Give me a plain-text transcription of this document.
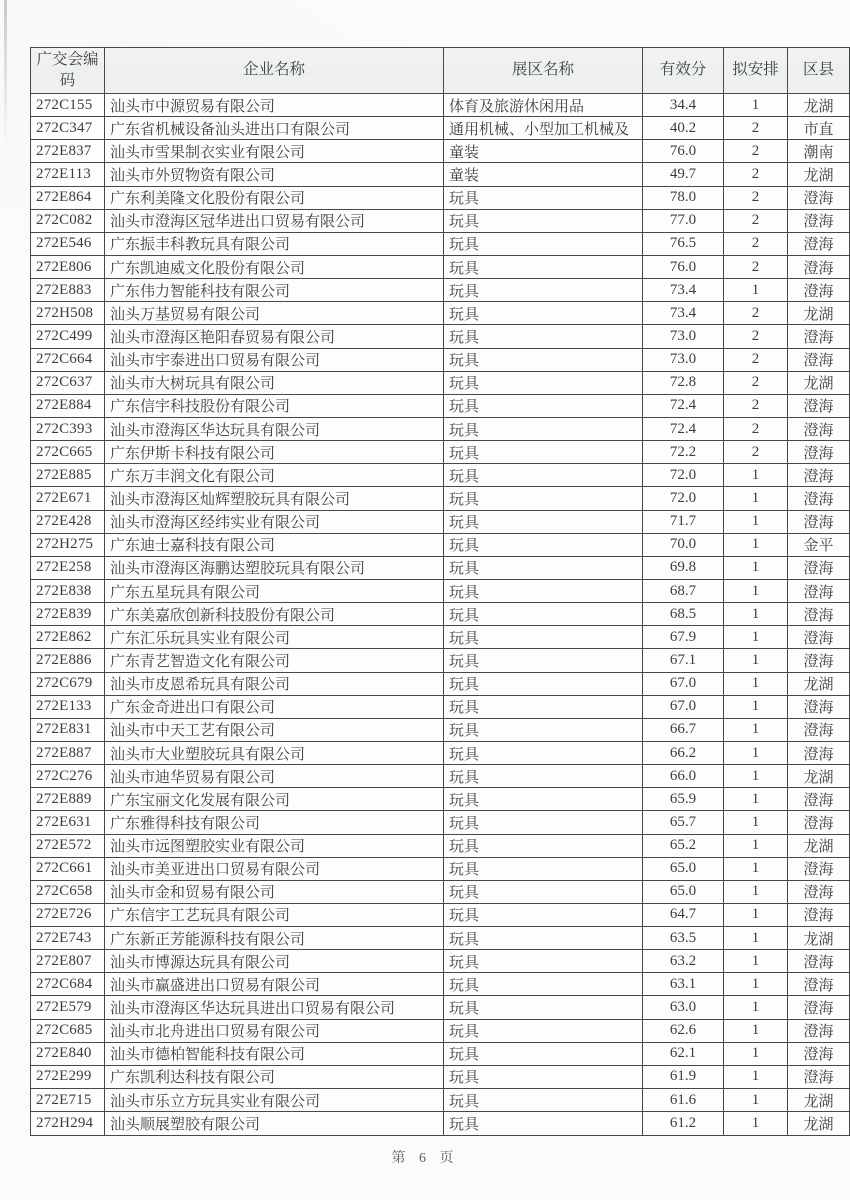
广交会编码	企业名称	展区名称	有效分	拟安排	区县
272C155	汕头市中源贸易有限公司	体育及旅游休闲用品	34.4	1	龙湖
272C347	广东省机械设备汕头进出口有限公司	通用机械、小型加工机械及	40.2	2	市直
272E837	汕头市雪果制衣实业有限公司	童装	76.0	2	潮南
272E113	汕头市外贸物资有限公司	童装	49.7	2	龙湖
272E864	广东利美隆文化股份有限公司	玩具	78.0	2	澄海
272C082	汕头市澄海区冠华进出口贸易有限公司	玩具	77.0	2	澄海
272E546	广东振丰科教玩具有限公司	玩具	76.5	2	澄海
272E806	广东凯迪威文化股份有限公司	玩具	76.0	2	澄海
272E883	广东伟力智能科技有限公司	玩具	73.4	1	澄海
272H508	汕头万基贸易有限公司	玩具	73.4	2	龙湖
272C499	汕头市澄海区艳阳春贸易有限公司	玩具	73.0	2	澄海
272C664	汕头市宇泰进出口贸易有限公司	玩具	73.0	2	澄海
272C637	汕头市大树玩具有限公司	玩具	72.8	2	龙湖
272E884	广东信宇科技股份有限公司	玩具	72.4	2	澄海
272C393	汕头市澄海区华达玩具有限公司	玩具	72.4	2	澄海
272C665	广东伊斯卡科技有限公司	玩具	72.2	2	澄海
272E885	广东万丰润文化有限公司	玩具	72.0	1	澄海
272E671	汕头市澄海区灿辉塑胶玩具有限公司	玩具	72.0	1	澄海
272E428	汕头市澄海区经纬实业有限公司	玩具	71.7	1	澄海
272H275	广东迪士嘉科技有限公司	玩具	70.0	1	金平
272E258	汕头市澄海区海鹏达塑胶玩具有限公司	玩具	69.8	1	澄海
272E838	广东五星玩具有限公司	玩具	68.7	1	澄海
272E839	广东美嘉欣创新科技股份有限公司	玩具	68.5	1	澄海
272E862	广东汇乐玩具实业有限公司	玩具	67.9	1	澄海
272E886	广东青艺智造文化有限公司	玩具	67.1	1	澄海
272C679	汕头市皮恩希玩具有限公司	玩具	67.0	1	龙湖
272E133	广东金奇进出口有限公司	玩具	67.0	1	澄海
272E831	汕头市中天工艺有限公司	玩具	66.7	1	澄海
272E887	汕头市大业塑胶玩具有限公司	玩具	66.2	1	澄海
272C276	汕头市迪华贸易有限公司	玩具	66.0	1	龙湖
272E889	广东宝丽文化发展有限公司	玩具	65.9	1	澄海
272E631	广东雅得科技有限公司	玩具	65.7	1	澄海
272E572	汕头市远图塑胶实业有限公司	玩具	65.2	1	龙湖
272C661	汕头市美亚进出口贸易有限公司	玩具	65.0	1	澄海
272C658	汕头市金和贸易有限公司	玩具	65.0	1	澄海
272E726	广东信宇工艺玩具有限公司	玩具	64.7	1	澄海
272E743	广东新正芳能源科技有限公司	玩具	63.5	1	龙湖
272E807	汕头市博源达玩具有限公司	玩具	63.2	1	澄海
272C684	汕头市赢盛进出口贸易有限公司	玩具	63.1	1	澄海
272E579	汕头市澄海区华达玩具进出口贸易有限公司	玩具	63.0	1	澄海
272C685	汕头市北舟进出口贸易有限公司	玩具	62.6	1	澄海
272E840	汕头市德柏智能科技有限公司	玩具	62.1	1	澄海
272E299	广东凯利达科技有限公司	玩具	61.9	1	澄海
272E715	汕头市乐立方玩具实业有限公司	玩具	61.6	1	龙湖
272H294	汕头顺展塑胶有限公司	玩具	61.2	1	龙湖
第 6 页
